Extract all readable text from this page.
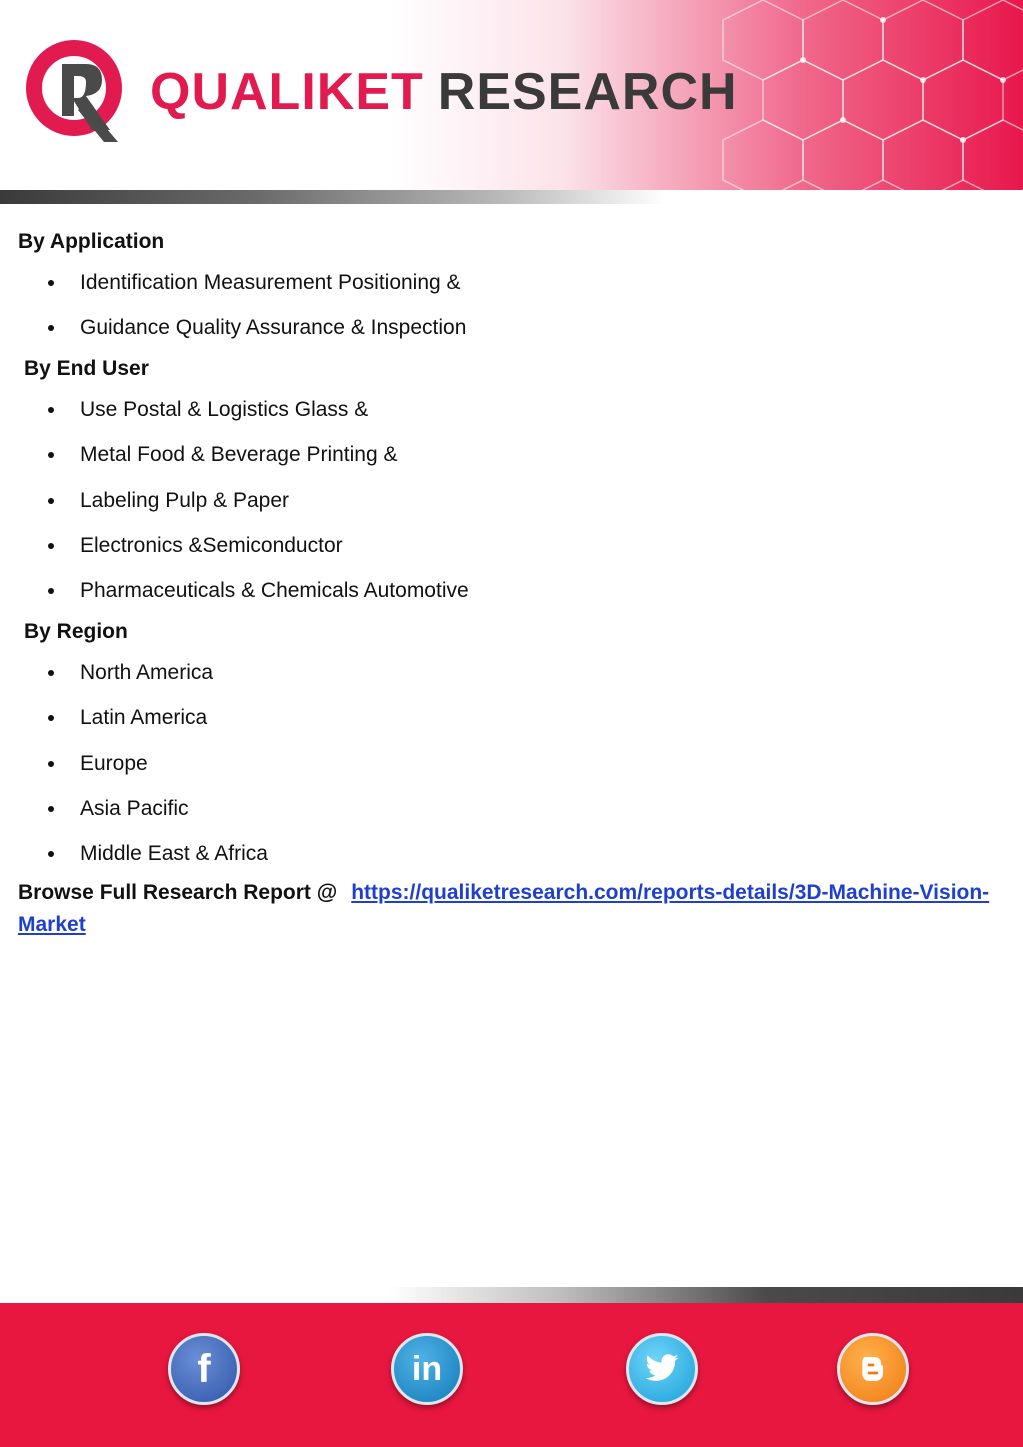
QUALIKET RESEARCH
By Application
Identification Measurement Positioning &
Guidance Quality Assurance & Inspection
By End User
Use Postal & Logistics Glass &
Metal Food & Beverage Printing &
Labeling Pulp & Paper
Electronics &Semiconductor
Pharmaceuticals & Chemicals Automotive
By Region
North America
Latin America
Europe
Asia Pacific
Middle East & Africa
Browse Full Research Report @ https://qualiketresearch.com/reports-details/3D-Machine-Vision-Market
f	in
